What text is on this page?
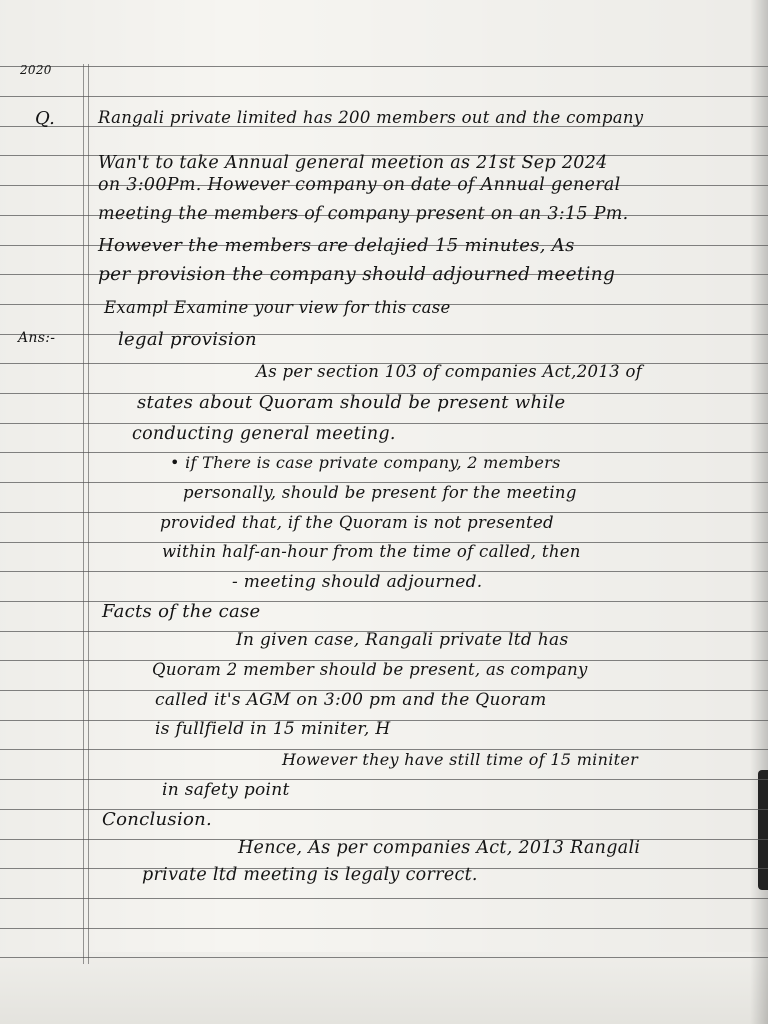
2020
Q.	Rangali private limited has 200 members out and the company
Wan't to take Annual general meetion as 21st Sep 2024
on 3:00Pm. However company on date of Annual general
meeting the members of company present on an 3:15 Pm.
However the members are delajied 15 minutes, As
per provision the company should adjourned meeting
Exampl Examine your view for this case
Ans:-	legal provision
As per section 103 of companies Act,2013 of
states about Quoram should be present while
conducting general meeting.
• if There is case private company, 2 members
personally, should be present for the meeting
provided that, if the Quoram is not presented
within half-an-hour from the time of called, then
- meeting should adjourned.
Facts of the case
In given case, Rangali private ltd has
Quoram 2 member should be present, as company
called it's AGM on 3:00 pm and the Quoram
is fullfield in 15 miniter, H
However they have still time of 15 miniter
in safety point
Conclusion.
Hence, As per companies Act, 2013 Rangali
private ltd meeting is legaly correct.
